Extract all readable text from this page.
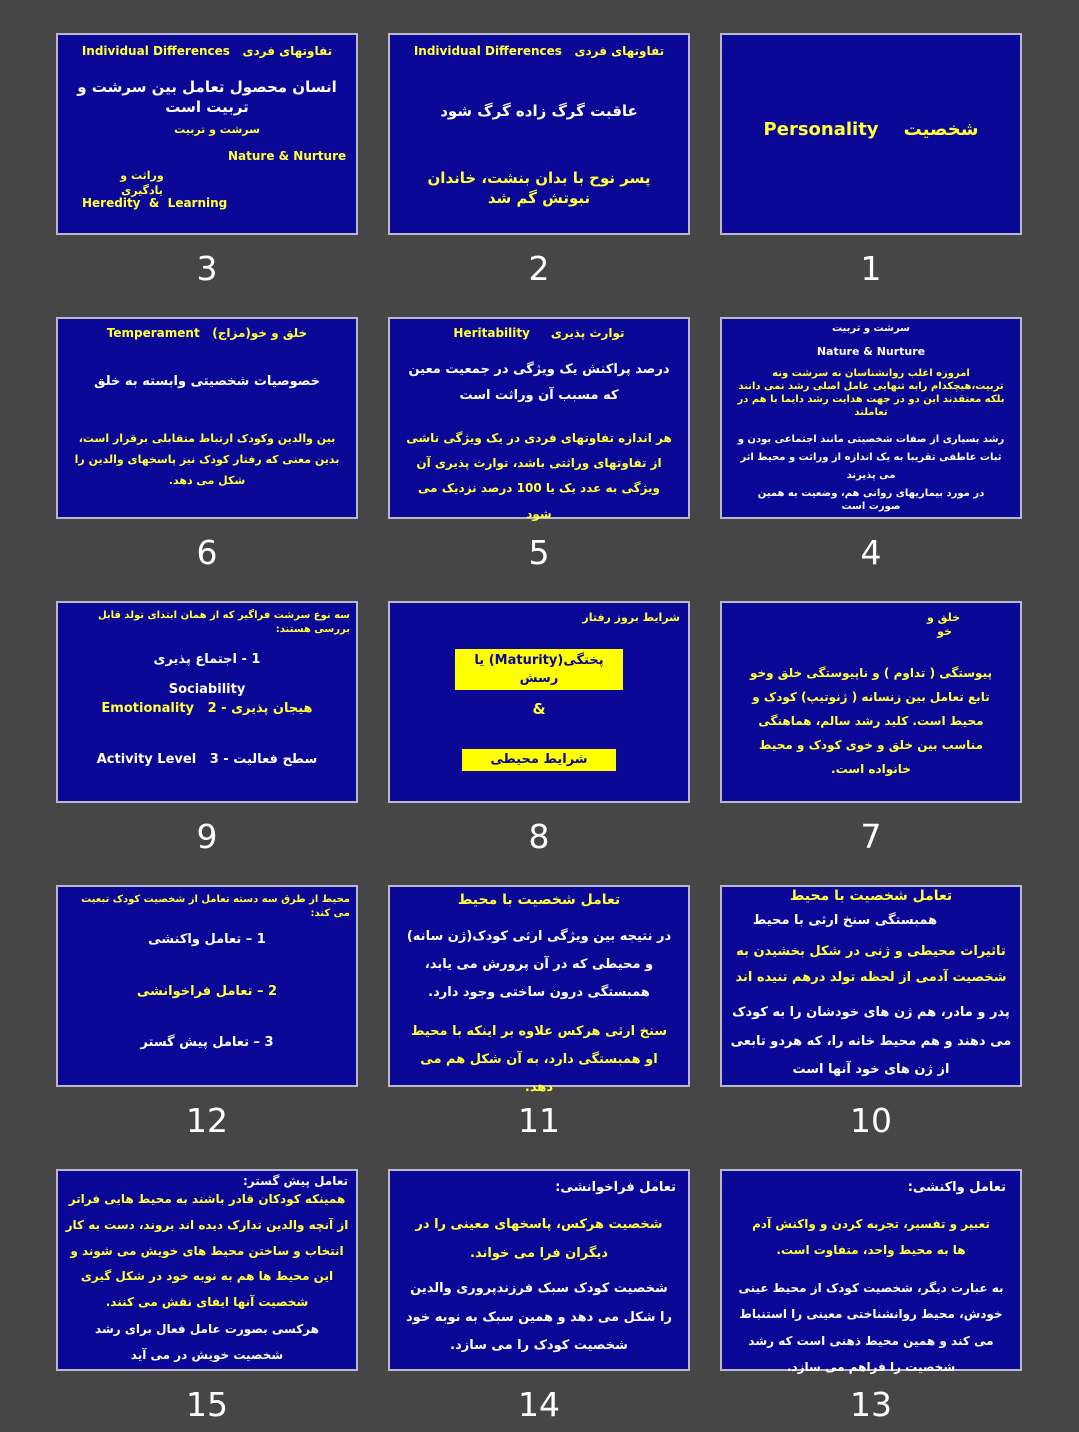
Individual Differences تفاوتهای فردی
انسان محصول تعامل بین سرشت و تربیت است
سرشت و تربیت
Nature & Nurture
وراثت و یادگیری
Heredity  &  Learning
3
Individual Differences تفاوتهای فردی
عاقبت گرگ زاده گرگ شود
پسر نوح با بدان بنشت، خاندان نبوتش گم شد
2
Personality شخصیت
1
Temperament خلق و خو(مزاج)
خصوصیات شخصیتی وابسته به خلق
بین والدین وکودک ارتباط متقابلی برقرار است، بدین معنی که رفتار کودک نیز پاسخهای والدین را شکل می دهد.
6
Heritability توارث پذیری
درصد پراکنش یک ویژگی در جمعیت معین که مسبب آن وراثت است
هر اندازه تفاوتهای فردی در یک ویژگی ناشی از تفاوتهای وراثتی باشد، توارث پذیری آن ویژگی به عدد یک یا 100 درصد نزدیک می شود
5
سرشت و تربیت
Nature & Nurture
امروزه اغلب روانشناسان نه سرشت ونه تربیت،هیچکدام رابه تنهایی عامل اصلی رشد نمی دانند بلکه معتقدند این دو در جهت هدایت رشد دایما با هم در تعاملند
رشد بسیاری از صفات شخصیتی مانند اجتماعی بودن و ثبات عاطفی تقریبا به یک اندازه از وراثت و محیط اثر می پذیرند
در مورد بیماریهای روانی هم، وضعیت به همین صورت است
4
سه نوع سرشت فراگیر که از همان ابتدای تولد قابل بررسی هستند:
1 - اجتماع پذیری
Sociability
Emotionality 2 - هیجان پذیری
Activity Level 3 - سطح فعالیت
9
شرایط بروز رفتار
پختگی(Maturity) یا رسش
&
شرایط محیطی
8
خلق و
خو
پیوستگی ( تداوم ) و ناپیوستگی خلق وخو تابع تعامل بین زنسانه ( ژنوتیپ) کودک و محیط است. کلید رشد سالم، هماهنگی مناسب بین خلق و خوی کودک و محیط خانواده است.
7
محیط از طرق سه دسته تعامل از شخصیت کودک تبعیت می کند:
1 – تعامل واکنشی
2 – تعامل فراخوانشی
3 – تعامل پیش گستر
12
تعامل شخصیت با محیط
در نتیجه بین ویژگی ارثی کودک(ژن سانه) و محیطی که در آن پرورش می یابد، همبستگی درون ساختی وجود دارد.
سنخ ارثی هرکس علاوه بر اینکه با محیط او همبستگی دارد، به آن شکل هم می دهد.
11
تعامل شخصیت با محیط
همبستگی سنخ ارثی با محیط
تاثیرات محیطی و ژنی در شکل بخشیدن به شخصیت آدمی از لحظه تولد درهم تنیده اند
پدر و مادر، هم ژن های خودشان را به کودک می دهند و هم محیط خانه را، که هردو تابعی از ژن های خود آنها است
10
تعامل پیش گستر:
همینکه کودکان قادر باشند به محیط هایی فراتر از آنچه والدین تدارک دیده اند بروند، دست به کار انتخاب و ساختن محیط های خویش می شوند و این محیط ها هم به نوبه خود در شکل گیری شخصیت آنها ایفای نقش می کنند.
هرکسی بصورت عامل فعال برای رشد شخصیت خویش در می آید
15
تعامل فراخوانشی:
شخصیت هرکس، پاسخهای معینی را در دیگران فرا می خواند.
شخصیت کودک سبک فرزندپروری والدین را شکل می دهد و همین سبک به نوبه خود شخصیت کودک را می سازد.
14
تعامل واکنشی:
تعبیر و تفسیر، تجربه کردن و واکنش آدم ها به محیط واحد، متفاوت است.
به عبارت دیگر، شخصیت کودک از محیط عینی خودش، محیط روانشناختی معینی را استنباط می کند و همین محیط ذهنی است که رشد شخصیت را فراهم می سازد.
13
